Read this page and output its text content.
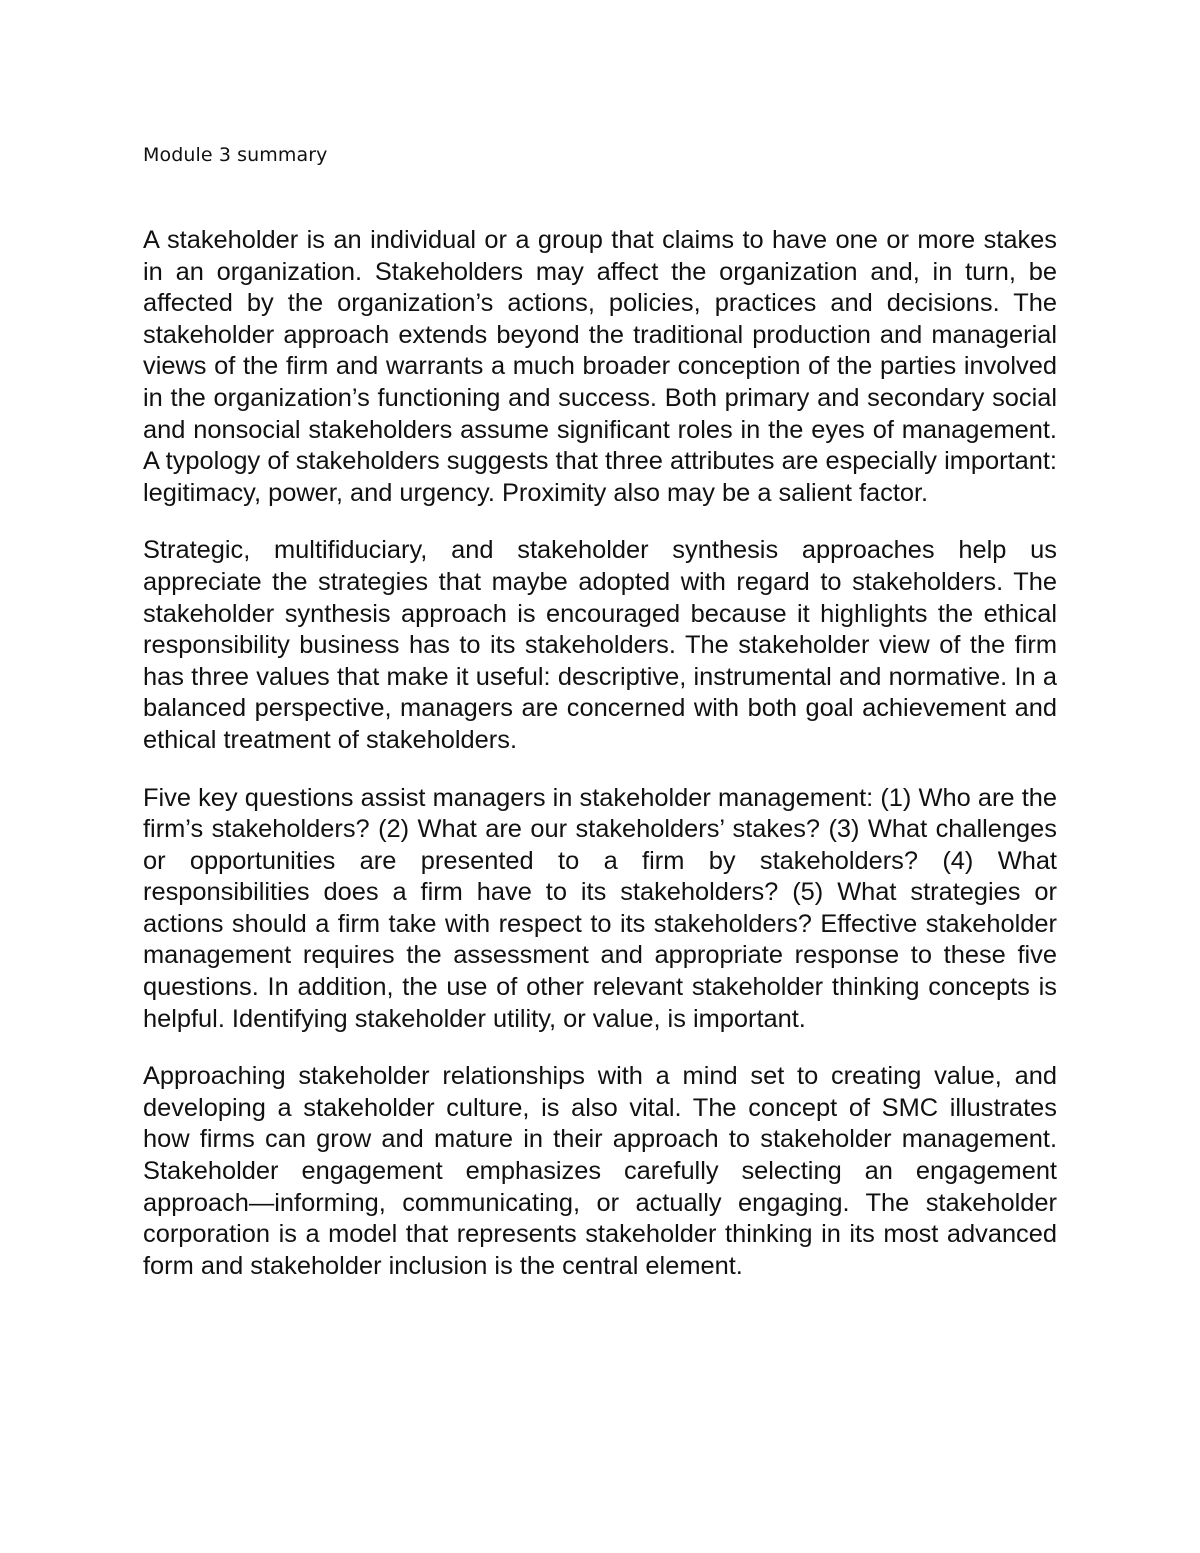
Module 3 summary

A stakeholder is an individual or a group that claims to have one or more stakes in an organization. Stakeholders may affect the organization and, in turn, be affected by the organization’s actions, policies, practices and decisions. The stakeholder approach extends beyond the traditional production and managerial views of the firm and warrants a much broader conception of the parties involved in the organization’s functioning and success. Both primary and secondary social and nonsocial stakeholders assume significant roles in the eyes of management. A typology of stakeholders suggests that three attributes are especially important: legitimacy, power, and urgency. Proximity also may be a salient factor.

Strategic, multifiduciary, and stakeholder synthesis approaches help us appreciate the strategies that maybe adopted with regard to stakeholders. The stakeholder synthesis approach is encouraged because it highlights the ethical responsibility business has to its stakeholders. The stakeholder view of the firm has three values that make it useful: descriptive, instrumental and normative. In a balanced perspective, managers are concerned with both goal achievement and ethical treatment of stakeholders.

Five key questions assist managers in stakeholder management: (1) Who are the firm’s stakeholders? (2) What are our stakeholders’ stakes? (3) What challenges or opportunities are presented to a firm by stakeholders? (4) What responsibilities does a firm have to its stakeholders? (5) What strategies or actions should a firm take with respect to its stakeholders? Effective stakeholder management requires the assessment and appropriate response to these five questions. In addition, the use of other relevant stakeholder thinking concepts is helpful. Identifying stakeholder utility, or value, is important.

Approaching stakeholder relationships with a mind set to creating value, and developing a stakeholder culture, is also vital. The concept of SMC illustrates how firms can grow and mature in their approach to stakeholder management. Stakeholder engagement emphasizes carefully selecting an engagement approach—informing, communicating, or actually engaging. The stakeholder corporation is a model that represents stakeholder thinking in its most advanced form and stakeholder inclusion is the central element.
